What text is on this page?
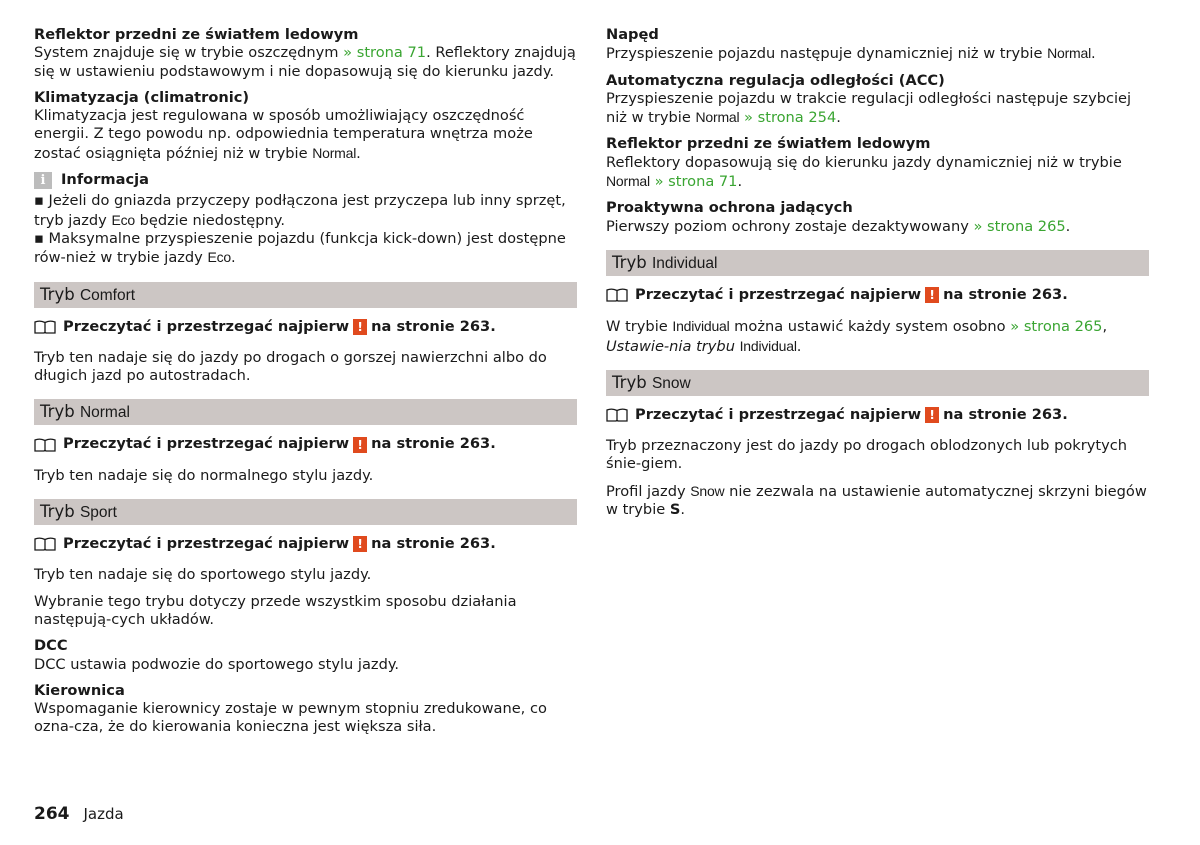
Reflektor przedni ze światłem ledowym
System znajduje się w trybie oszczędnym » strona 71. Reflektory znajdują się w ustawieniu podstawowym i nie dopasowują się do kierunku jazdy.
Klimatyzacja (climatronic)
Klimatyzacja jest regulowana w sposób umożliwiający oszczędność energii. Z tego powodu np. odpowiednia temperatura wnętrza może zostać osiągnięta później niż w trybie Normal.
i	Informacja
▪ Jeżeli do gniazda przyczepy podłączona jest przyczepa lub inny sprzęt, tryb jazdy Eco będzie niedostępny.
▪ Maksymalne przyspieszenie pojazdu (funkcja kick-down) jest dostępne rów-nież w trybie jazdy Eco.
Tryb Comfort
Przeczytać i przestrzegać najpierw ! na stronie 263.
Tryb ten nadaje się do jazdy po drogach o gorszej nawierzchni albo do długich jazd po autostradach.
Tryb Normal
Przeczytać i przestrzegać najpierw ! na stronie 263.
Tryb ten nadaje się do normalnego stylu jazdy.
Tryb Sport
Przeczytać i przestrzegać najpierw ! na stronie 263.
Tryb ten nadaje się do sportowego stylu jazdy.
Wybranie tego trybu dotyczy przede wszystkim sposobu działania następują-cych układów.
DCC
DCC ustawia podwozie do sportowego stylu jazdy.
Kierownica
Wspomaganie kierownicy zostaje w pewnym stopniu zredukowane, co ozna-cza, że do kierowania konieczna jest większa siła.
Napęd
Przyspieszenie pojazdu następuje dynamiczniej niż w trybie Normal.
Automatyczna regulacja odległości (ACC)
Przyspieszenie pojazdu w trakcie regulacji odległości następuje szybciej niż w trybie Normal » strona 254.
Reflektor przedni ze światłem ledowym
Reflektory dopasowują się do kierunku jazdy dynamiczniej niż w trybie Normal » strona 71.
Proaktywna ochrona jadących
Pierwszy poziom ochrony zostaje dezaktywowany » strona 265.
Tryb Individual
Przeczytać i przestrzegać najpierw ! na stronie 263.
W trybie Individual można ustawić każdy system osobno » strona 265, Ustawie-nia trybu Individual.
Tryb Snow
Przeczytać i przestrzegać najpierw ! na stronie 263.
Tryb przeznaczony jest do jazdy po drogach oblodzonych lub pokrytych śnie-giem.
Profil jazdy Snow nie zezwala na ustawienie automatycznej skrzyni biegów w trybie S.
264 Jazda
